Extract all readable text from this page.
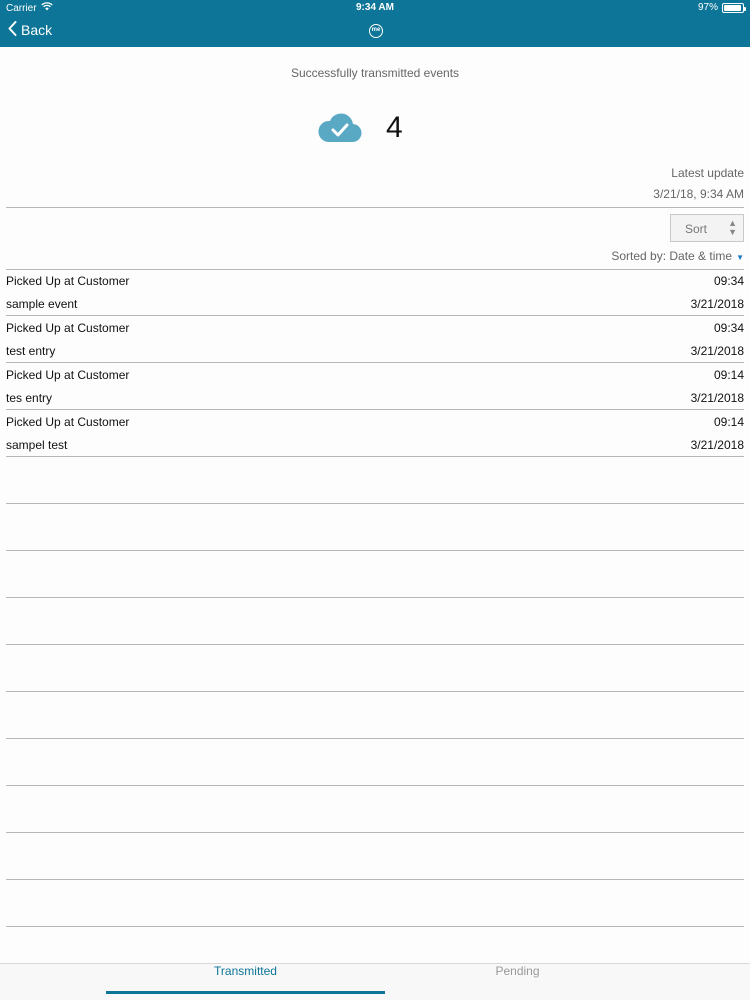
Carrier	9:34 AM	97%
Back	me
Successfully transmitted events
4
Latest update
3/21/18, 9:34 AM
Sort ▲
▼
Sorted by: Date & time ▼
Picked Up at Customer	09:34
sample event	3/21/2018
Picked Up at Customer	09:34
test entry	3/21/2018
Picked Up at Customer	09:14
tes entry	3/21/2018
Picked Up at Customer	09:14
sampel test	3/21/2018
Transmitted	Pending
